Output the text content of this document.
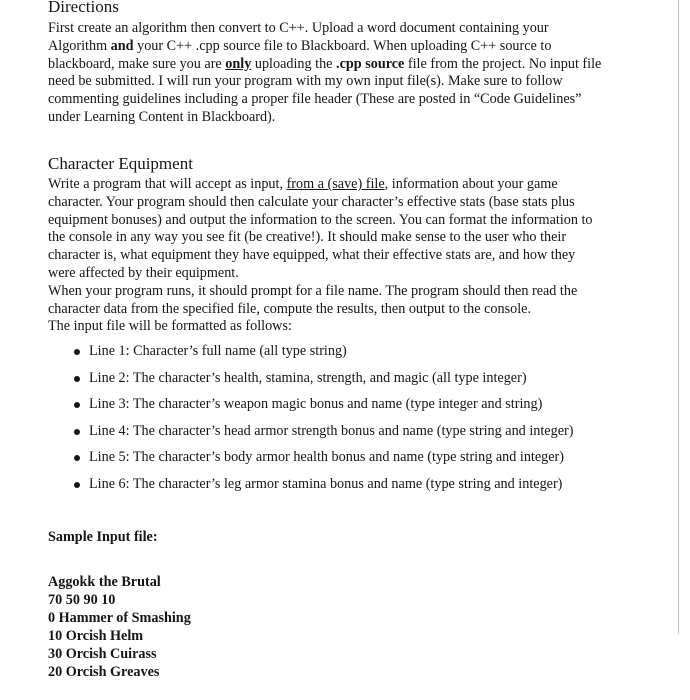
Directions
First create an algorithm then convert to C++. Upload a word document containing your
Algorithm and your C++ .cpp source file to Blackboard. When uploading C++ source to
blackboard, make sure you are only uploading the .cpp source file from the project. No input file
need be submitted. I will run your program with my own input file(s). Make sure to follow
commenting guidelines including a proper file header (These are posted in “Code Guidelines”
under Learning Content in Blackboard).
Character Equipment
Write a program that will accept as input, from a (save) file, information about your game
character. Your program should then calculate your character’s effective stats (base stats plus
equipment bonuses) and output the information to the screen. You can format the information to
the console in any way you see fit (be creative!). It should make sense to the user who their
character is, what equipment they have equipped, what their effective stats are, and how they
were affected by their equipment.
When your program runs, it should prompt for a file name. The program should then read the
character data from the specified file, compute the results, then output to the console.
The input file will be formatted as follows:
Line 1: Character’s full name (all type string)
Line 2: The character’s health, stamina, strength, and magic (all type integer)
Line 3: The character’s weapon magic bonus and name (type integer and string)
Line 4: The character’s head armor strength bonus and name (type string and integer)
Line 5: The character’s body armor health bonus and name (type string and integer)
Line 6: The character’s leg armor stamina bonus and name (type string and integer)
Sample Input file:
Aggokk the Brutal
70 50 90 10
0 Hammer of Smashing
10 Orcish Helm
30 Orcish Cuirass
20 Orcish Greaves
